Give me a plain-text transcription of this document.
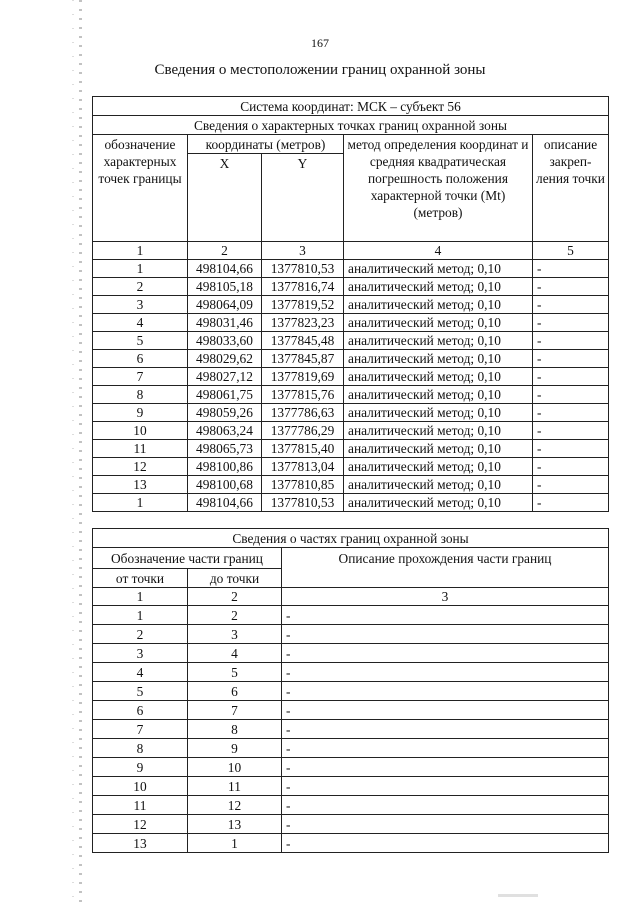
167
Сведения о местоположении границ охранной зоны
Система координат: МСК – субъект 56				
Сведения о характерных точках границ охранной зоны				
обозначение характерных точек границы	координаты (метров)		метод определения координат и средняя квадратическая погрешность положения характерной точки (Mt) (метров)	описание закреп-ления точки
	X	Y		
1	2	3	4	5
1	498104,66	1377810,53	аналитический метод; 0,10	-
2	498105,18	1377816,74	аналитический метод; 0,10	-
3	498064,09	1377819,52	аналитический метод; 0,10	-
4	498031,46	1377823,23	аналитический метод; 0,10	-
5	498033,60	1377845,48	аналитический метод; 0,10	-
6	498029,62	1377845,87	аналитический метод; 0,10	-
7	498027,12	1377819,69	аналитический метод; 0,10	-
8	498061,75	1377815,76	аналитический метод; 0,10	-
9	498059,26	1377786,63	аналитический метод; 0,10	-
10	498063,24	1377786,29	аналитический метод; 0,10	-
11	498065,73	1377815,40	аналитический метод; 0,10	-
12	498100,86	1377813,04	аналитический метод; 0,10	-
13	498100,68	1377810,85	аналитический метод; 0,10	-
1	498104,66	1377810,53	аналитический метод; 0,10	-
Сведения о частях границ охранной зоны		
Обозначение части границ		Описание прохождения части границ
от точки	до точки	
1	2	3
1	2	-
2	3	-
3	4	-
4	5	-
5	6	-
6	7	-
7	8	-
8	9	-
9	10	-
10	11	-
11	12	-
12	13	-
13	1	-
